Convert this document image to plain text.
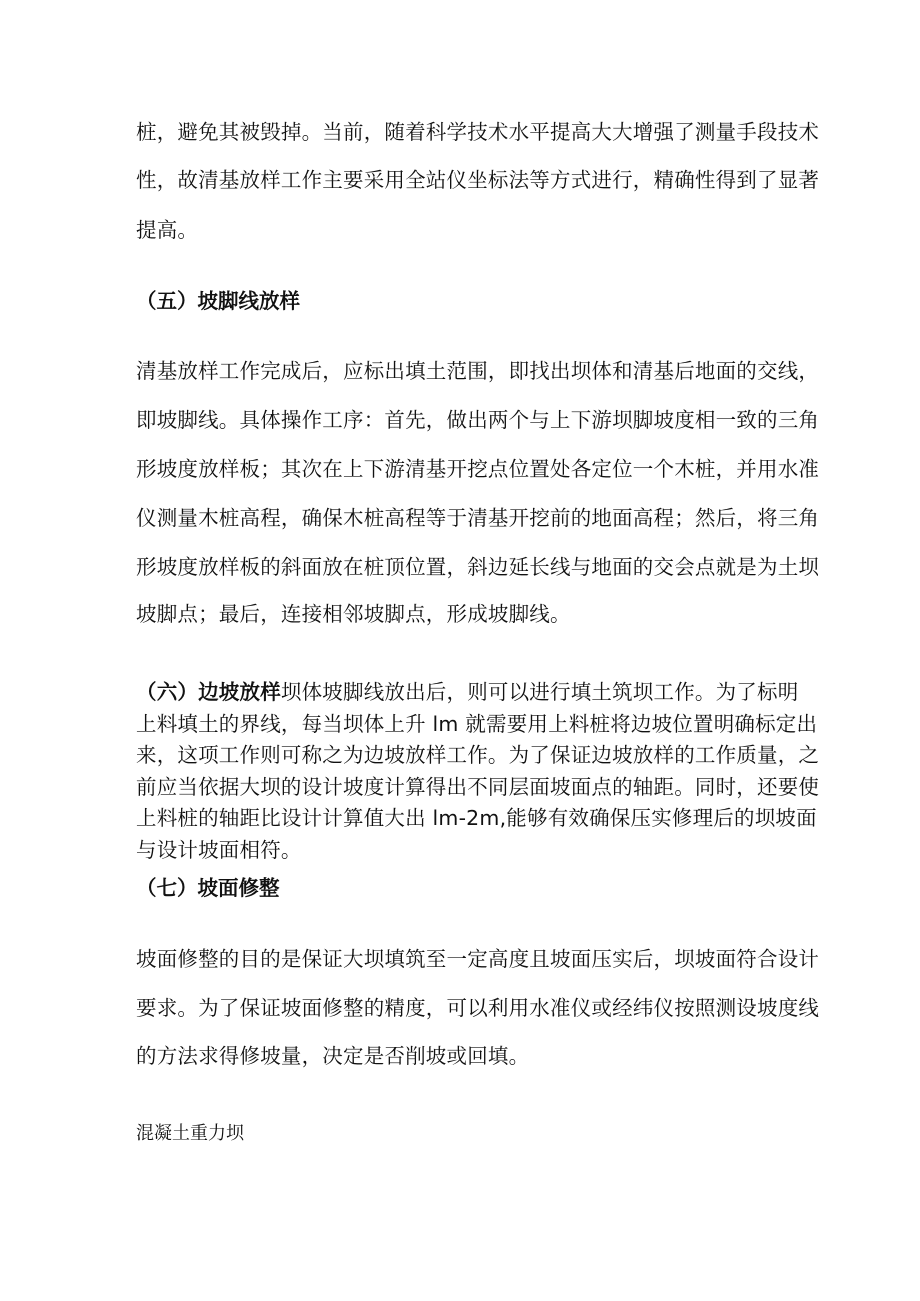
桩，避免其被毁掉。当前，随着科学技术水平提高大大增强了测量手段技术
性，故清基放样工作主要采用全站仪坐标法等方式进行，精确性得到了显著
提高。
（五）坡脚线放样
清基放样工作完成后，应标出填土范围，即找出坝体和清基后地面的交线，
即坡脚线。具体操作工序：首先，做出两个与上下游坝脚坡度相一致的三角
形坡度放样板；其次在上下游清基开挖点位置处各定位一个木桩，并用水准
仪测量木桩高程，确保木桩高程等于清基开挖前的地面高程；然后，将三角
形坡度放样板的斜面放在桩顶位置，斜边延长线与地面的交会点就是为土坝
坡脚点；最后，连接相邻坡脚点，形成坡脚线。
（六）边坡放样坝体坡脚线放出后，则可以进行填土筑坝工作。为了标明
上料填土的界线，每当坝体上升 lm 就需要用上料桩将边坡位置明确标定出
来，这项工作则可称之为边坡放样工作。为了保证边坡放样的工作质量，之
前应当依据大坝的设计坡度计算得出不同层面坡面点的轴距。同时，还要使
上料桩的轴距比设计计算值大出 lm-2m,能够有效确保压实修理后的坝坡面
与设计坡面相符。
（七）坡面修整
坡面修整的目的是保证大坝填筑至一定高度且坡面压实后，坝坡面符合设计
要求。为了保证坡面修整的精度，可以利用水准仪或经纬仪按照测设坡度线
的方法求得修坡量，决定是否削坡或回填。
混凝土重力坝
